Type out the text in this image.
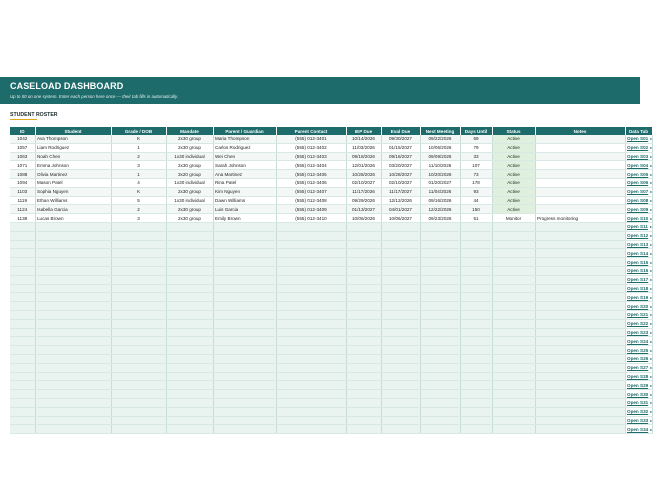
CASELOAD DASHBOARD
Up to 50 on one system. Enter each person here once — their tab fills in automatically.
STUDENT ROSTER
ID	Student	Grade / DOB	Mandate	Parent / Guardian	Parent Contact	IEP Due	Eval Due	Next Meeting	Days Until	Status	Notes	Data Tab
1042	Ava Thompson	K	2x30 group	Maria Thompson	(555) 012-3401	10/14/2026	09/30/2027	09/22/2026	59	Active		Open S01 ▸
1057	Liam Rodriguez	1	2x30 group	Carlos Rodriguez	(555) 012-3402	11/03/2026	01/15/2027	10/06/2026	79	Active		Open S02 ▸
1063	Noah Chen	2	1x30 individual	Wei Chen	(555) 012-3403	09/18/2026	09/18/2027	09/09/2026	33	Active		Open S03 ▸
1071	Emma Johnson	3	2x30 group	Sarah Johnson	(555) 012-3404	12/01/2026	03/20/2027	11/10/2026	107	Active		Open S04 ▸
1088	Olivia Martinez	1	3x20 group	Ana Martinez	(555) 012-3405	10/28/2026	10/28/2027	10/20/2026	73	Active		Open S05 ▸
1094	Mason Patel	4	1x30 individual	Rina Patel	(555) 012-3406	02/10/2027	02/10/2027	01/20/2027	178	Active		Open S06 ▸
1103	Sophia Nguyen	K	2x30 group	Kim Nguyen	(555) 012-3407	11/17/2026	11/17/2027	11/04/2026	93	Active		Open S07 ▸
1119	Ethan Williams	5	1x30 individual	Dawn Williams	(555) 012-3408	09/29/2026	12/12/2026	09/16/2026	44	Active		Open S08 ▸
1124	Isabella Garcia	2	2x30 group	Luis Garcia	(555) 012-3409	01/13/2027	04/01/2027	12/22/2026	150	Active		Open S09 ▸
1138	Lucas Brown	3	2x30 group	Emily Brown	(555) 012-3410	10/06/2026	10/06/2027	09/23/2026	51	Monitor	Progress monitoring	Open S10 ▸
												Open S11 ▸
												Open S12 ▸
												Open S13 ▸
												Open S14 ▸
												Open S15 ▸
												Open S16 ▸
												Open S17 ▸
												Open S18 ▸
												Open S19 ▸
												Open S20 ▸
												Open S21 ▸
												Open S22 ▸
												Open S23 ▸
												Open S24 ▸
												Open S25 ▸
												Open S26 ▸
												Open S27 ▸
												Open S28 ▸
												Open S29 ▸
												Open S30 ▸
												Open S31 ▸
												Open S32 ▸
												Open S33 ▸
												Open S34 ▸
